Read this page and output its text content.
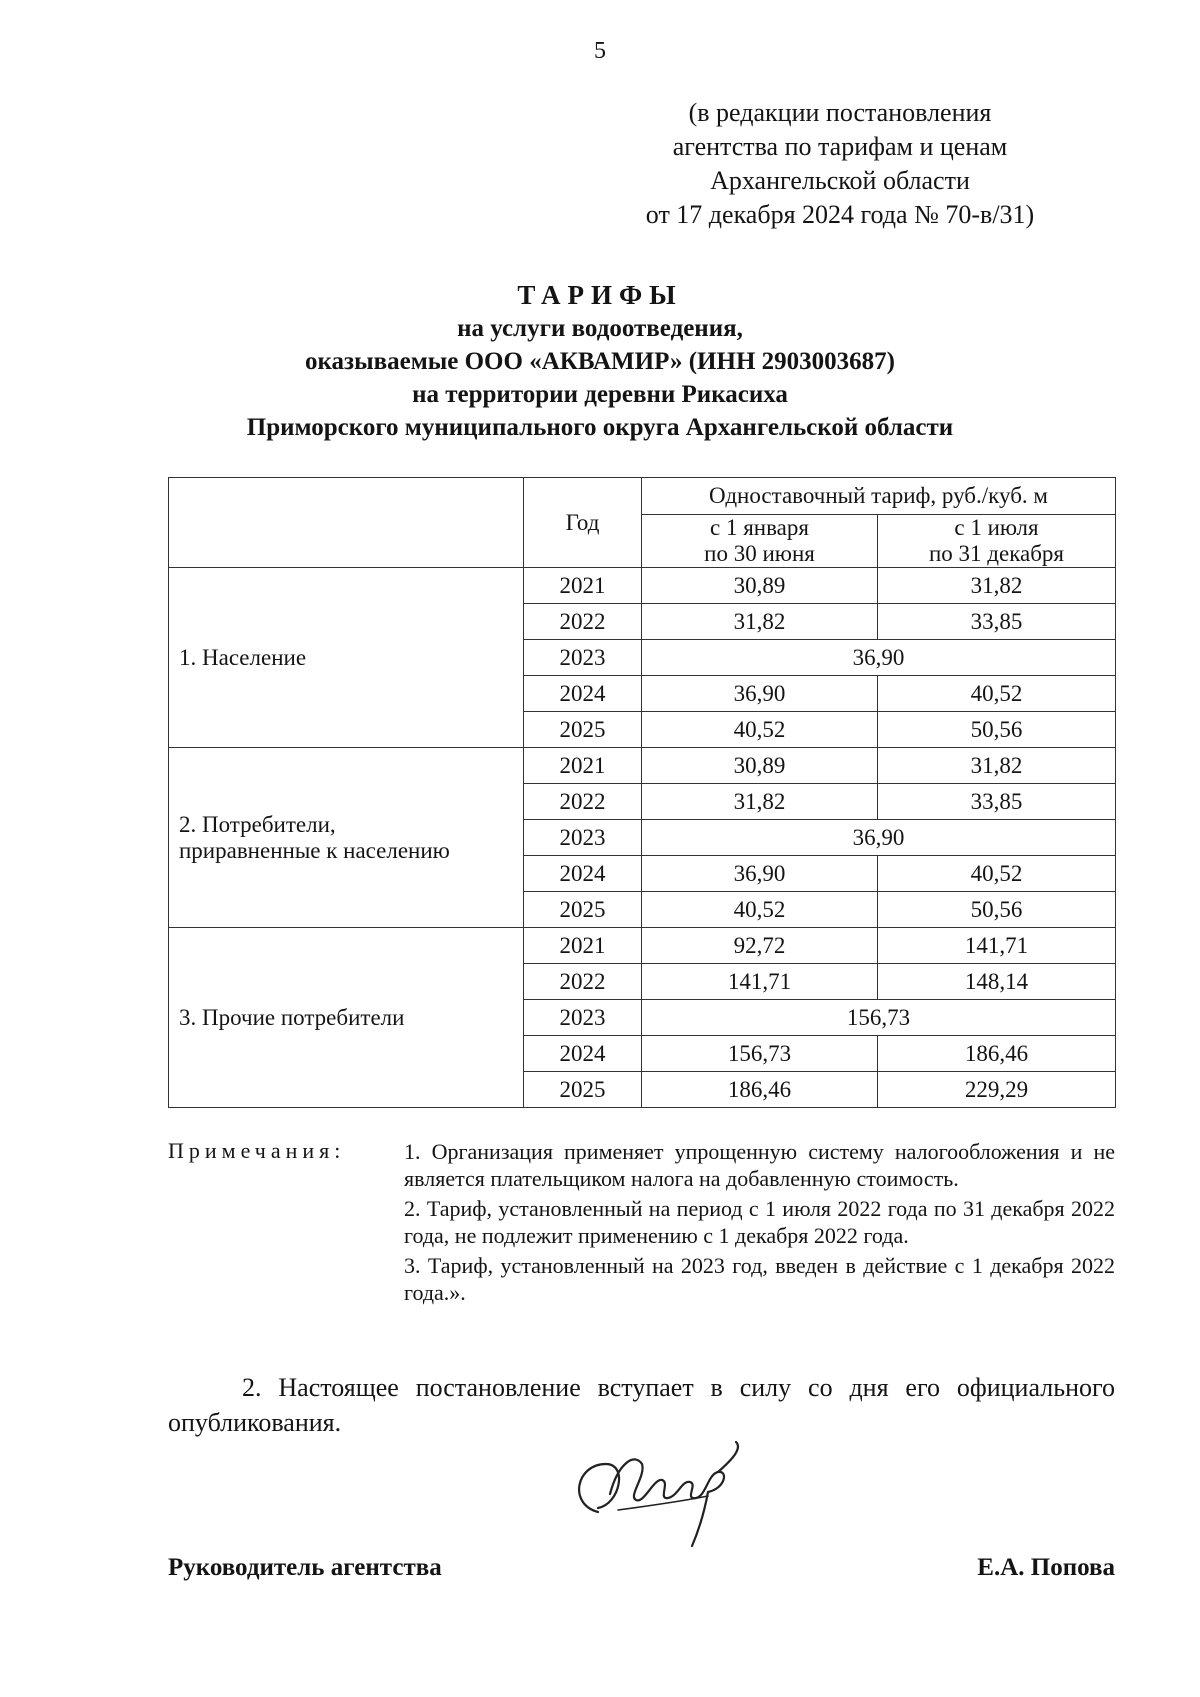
5
(в редакции постановления
агентства по тарифам и ценам
Архангельской области
от 17 декабря 2024 года № 70-в/31)
ТАРИФЫ
на услуги водоотведения,
оказываемые ООО «АКВАМИР» (ИНН 2903003687)
на территории деревни Рикасиха
Приморского муниципального округа Архангельской области
	Год	Одноставочный тариф, руб./куб. м	
		с 1 января
по 30 июня	с 1 июля
по 31 декабря
1. Население	2021	30,89	31,82
	2022	31,82	33,85
	2023	36,90	
	2024	36,90	40,52
	2025	40,52	50,56
2. Потребители,
приравненные к населению	2021	30,89	31,82
	2022	31,82	33,85
	2023	36,90	
	2024	36,90	40,52
	2025	40,52	50,56
3. Прочие потребители	2021	92,72	141,71
	2022	141,71	148,14
	2023	156,73	
	2024	156,73	186,46
	2025	186,46	229,29
Примечания:	1. Организация применяет упрощенную систему налогообложения и не является плательщиком налога на добавленную стоимость.

2. Тариф, установленный на период с 1 июля 2022 года по 31 декабря 2022 года, не подлежит применению с 1 декабря 2022 года.

3. Тариф, установленный на 2023 год, введен в действие с 1 декабря 2022 года.».

2. Настоящее постановление вступает в силу со дня его официального опубликования.
Руководитель агентства	Е.А. Попова
